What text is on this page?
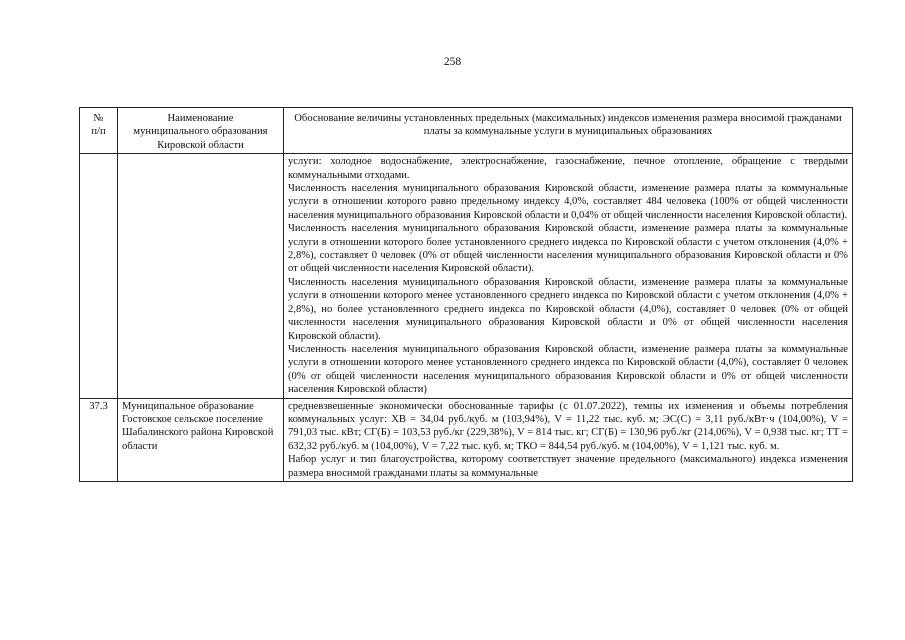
258
№
п/п	Наименование муниципального образования Кировской области	Обоснование величины установленных предельных (максимальных) индексов изменения размера вносимой гражданами платы за коммунальные услуги в муниципальных образованиях

		услуги: холодное водоснабжение, электроснабжение, газоснабжение, печное отопление, обращение с твердыми коммунальными отходами.

Численность населения муниципального образования Кировской области, изменение размера платы за коммунальные услуги в отношении которого равно предельному индексу 4,0%, составляет 484 человека (100% от общей численности населения муниципального образования Кировской области и 0,04% от общей численности населения Кировской области).

Численность населения муниципального образования Кировской области, изменение размера платы за коммунальные услуги в отношении которого более установленного среднего индекса по Кировской области с учетом отклонения (4,0% + 2,8%), составляет 0 человек (0% от общей численности населения муниципального образования Кировской области и 0% от общей численности населения Кировской области).

Численность населения муниципального образования Кировской области, изменение размера платы за коммунальные услуги в отношении которого менее установленного среднего индекса по Кировской области с учетом отклонения (4,0% + 2,8%), но более установленного среднего индекса по Кировской области (4,0%), составляет 0 человек (0% от общей численности населения муниципального образования Кировской области и 0% от общей численности населения Кировской области).

Численность населения муниципального образования Кировской области, изменение размера платы за коммунальные услуги в отношении которого менее установленного среднего индекса по Кировской области (4,0%), составляет 0 человек (0% от общей численности населения муниципального образования Кировской области и 0% от общей численности населения Кировской области)

37.3	Муниципальное образование Гостовское сельское поселение Шабалинского района Кировской области	средневзвешенные экономически обоснованные тарифы (с 01.07.2022), темпы их изменения и объемы потребления коммунальных услуг: ХВ = 34,04 руб./куб. м (103,94%), V = 11,22 тыс. куб. м; ЭС(С) = 3,11 руб./кВт·ч (104,00%), V = 791,03 тыс. кВт; СГ(Б) = 103,53 руб./кг (229,38%), V = 814 тыс. кг; СГ(Б) = 130,96 руб./кг (214,06%), V = 0,938 тыс. кг; ТТ = 632,32 руб./куб. м (104,00%), V = 7,22 тыс. куб. м; ТКО = 844,54 руб./куб. м (104,00%), V = 1,121 тыс. куб. м.

Набор услуг и тип благоустройства, которому соответствует значение предельного (максимального) индекса изменения размера вносимой гражданами платы за коммунальные
